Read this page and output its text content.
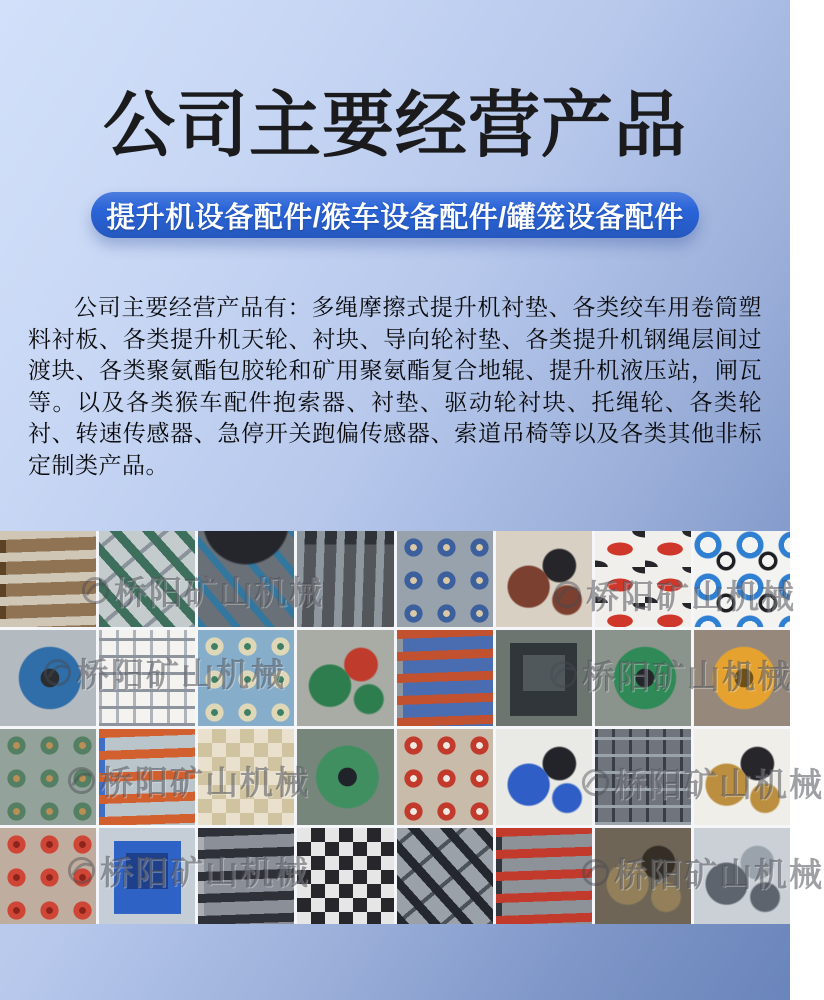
公司主要经营产品
提升机设备配件/猴车设备配件/罐笼设备配件

公司主要经营产品有：多绳摩擦式提升机衬垫、各类绞车用卷筒塑料衬板、各类提升机天轮、衬块、导向轮衬垫、各类提升机钢绳层间过渡块、各类聚氨酯包胶轮和矿用聚氨酯复合地辊、提升机液压站，闸瓦等。以及各类猴车配件抱索器、衬垫、驱动轮衬块、托绳轮、各类轮衬、转速传感器、急停开关跑偏传感器、索道吊椅等以及各类其他非标定制类产品。

桥阳矿山机械	桥阳矿山机械
桥阳矿山机械	桥阳矿山机械
桥阳矿山机械	桥阳矿山机械
桥阳矿山机械	桥阳矿山机械
